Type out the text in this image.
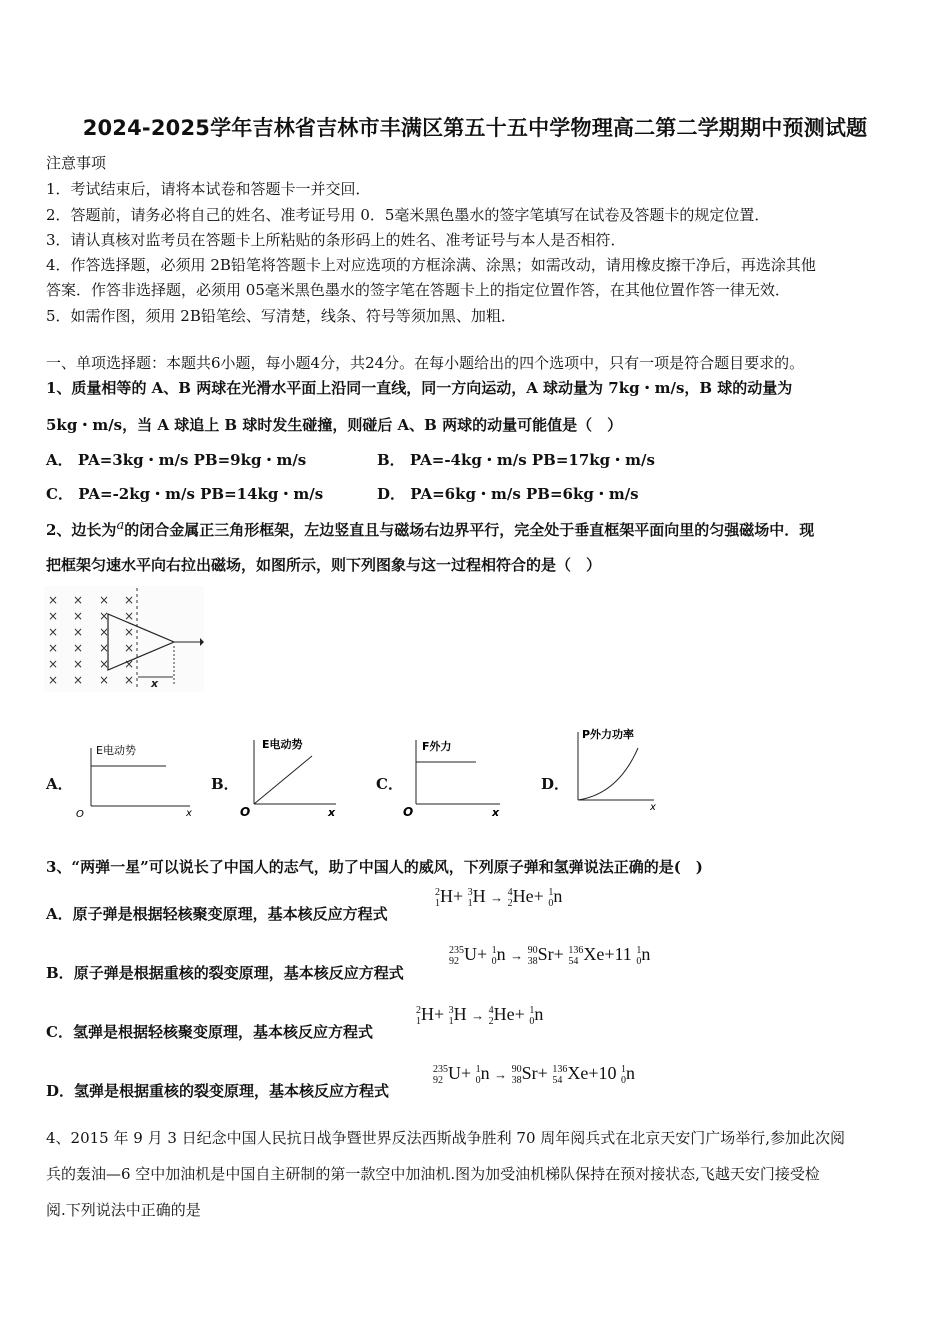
2024-2025学年吉林省吉林市丰满区第五十五中学物理高二第二学期期中预测试题
注意事项
1．考试结束后，请将本试卷和答题卡一并交回．
2．答题前，请务必将自己的姓名、准考证号用 0．5毫米黑色墨水的签字笔填写在试卷及答题卡的规定位置．
3．请认真核对监考员在答题卡上所粘贴的条形码上的姓名、准考证号与本人是否相符．
4．作答选择题，必须用 2B铅笔将答题卡上对应选项的方框涂满、涂黑；如需改动，请用橡皮擦干净后，再选涂其他
答案．作答非选择题，必须用 05毫米黑色墨水的签字笔在答题卡上的指定位置作答，在其他位置作答一律无效．
5．如需作图，须用 2B铅笔绘、写清楚，线条、符号等须加黑、加粗．
一、单项选择题：本题共6小题，每小题4分，共24分。在每小题给出的四个选项中，只有一项是符合题目要求的。
1、质量相等的 A、B 两球在光滑水平面上沿同一直线，同一方向运动，A 球动量为 7kg・m/s，B 球的动量为
5kg・m/s，当 A 球追上 B 球时发生碰撞，则碰后 A、B 两球的动量可能值是（　）
A． PA=3kg・m/s PB=9kg・m/s	B． PA=-4kg・m/s PB=17kg・m/s
C． PA=-2kg・m/s PB=14kg・m/s	D． PA=6kg・m/s PB=6kg・m/s
2、边长为a的闭合金属正三角形框架，左边竖直且与磁场右边界平行，完全处于垂直框架平面向里的匀强磁场中．现
把框架匀速水平向右拉出磁场，如图所示，则下列图象与这一过程相符合的是（　）
× × × ×
× × × ×
× × × ×
× × × ×
× × × ×
× × × × x
A．
E电动势
O	x
B．
E电动势
O	x
C．
F外力
O	x
D．
P外力功率
x
3、“两弹一星”可以说长了中国人的志气，助了中国人的威风，下列原子弹和氢弹说法正确的是(　)
A．原子弹是根据轻核聚变原理，基本核反应方程式
2
1 H+ 3
1 H → 4
2 He+ 1
0 n
B．原子弹是根据重核的裂变原理，基本核反应方程式
235
92 U+ 1
0 n → 90
38 Sr+ 136
54 Xe+11 1
0 n
C．氢弹是根据轻核聚变原理，基本核反应方程式
2
1 H+ 3
1 H → 4
2 He+ 1
0 n
D．氢弹是根据重核的裂变原理，基本核反应方程式
235
92 U+ 1
0 n → 90
38 Sr+ 136
54 Xe+10 1
0 n
4、2015 年 9 月 3 日纪念中国人民抗日战争暨世界反法西斯战争胜利 70 周年阅兵式在北京天安门广场举行,参加此次阅
兵的轰油—6 空中加油机是中国自主研制的第一款空中加油机.图为加受油机梯队保持在预对接状态,飞越天安门接受检
阅.下列说法中正确的是
